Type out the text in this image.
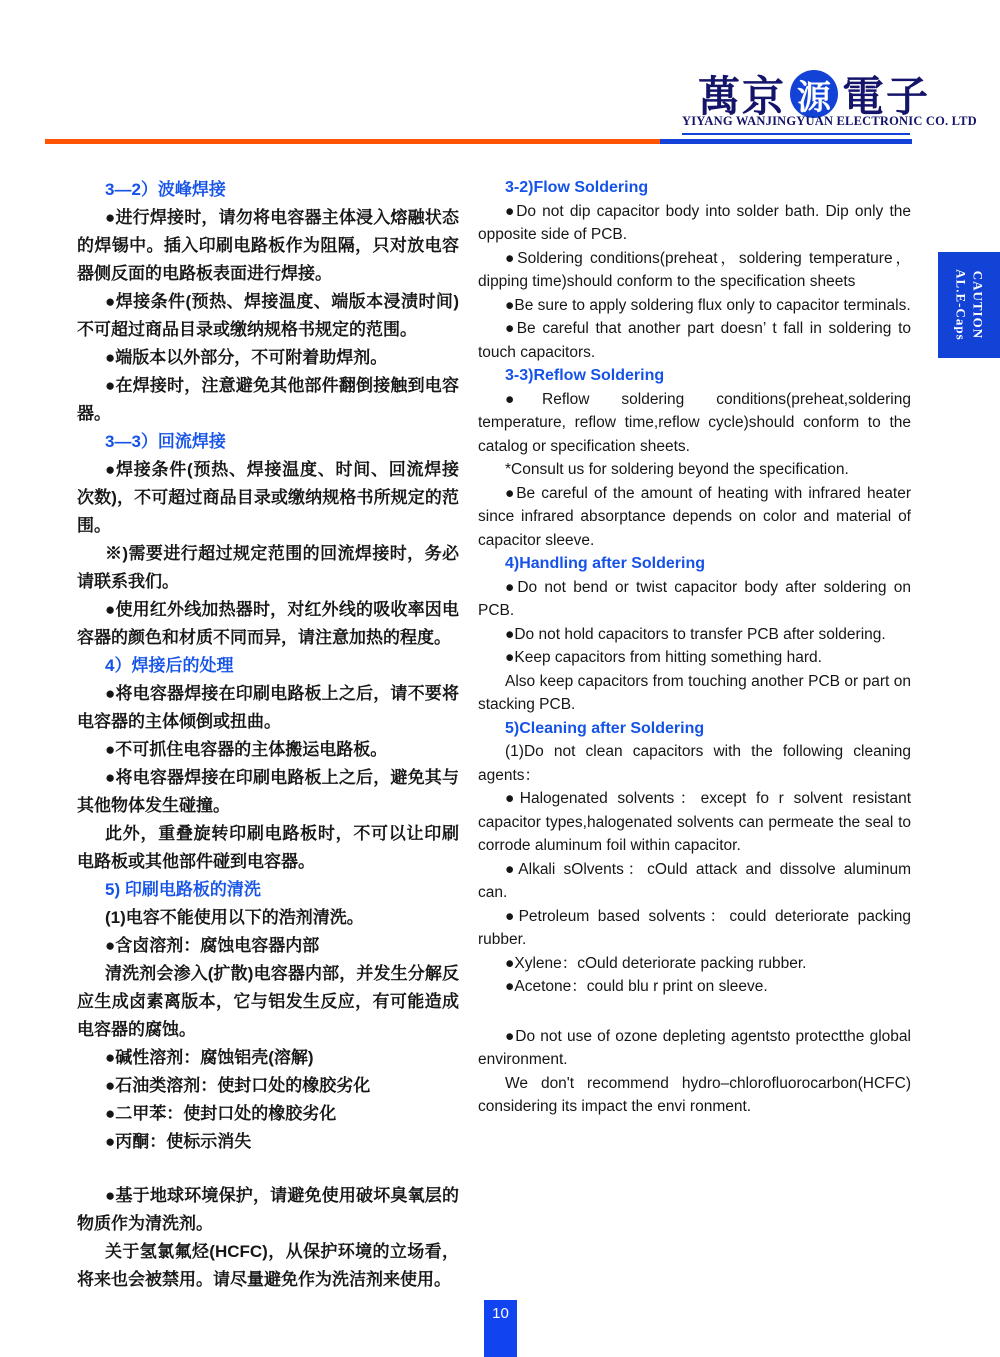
萬京 源 電子
YIYANG WANJINGYUAN ELECTRONIC CO. LTD
CAUTION
AL.E-Caps

3—2）波峰焊接

●进行焊接时，请勿将电容器主体浸入熔融状态的焊锡中。插入印刷电路板作为阻隔，只对放电容器侧反面的电路板表面进行焊接。

●焊接条件(预热、焊接温度、端版本浸渍时间)不可超过商品目录或缴纳规格书规定的范围。

●端版本以外部分，不可附着助焊剂。

●在焊接时，注意避免其他部件翻倒接触到电容器。

3—3）回流焊接

●焊接条件(预热、焊接温度、时间、回流焊接次数)，不可超过商品目录或缴纳规格书所规定的范围。

※)需要进行超过规定范围的回流焊接时，务必请联系我们。

●使用红外线加热器时，对红外线的吸收率因电容器的颜色和材质不同而异，请注意加热的程度。

4）焊接后的处理

●将电容器焊接在印刷电路板上之后，请不要将电容器的主体倾倒或扭曲。

●不可抓住电容器的主体搬运电路板。

●将电容器焊接在印刷电路板上之后，避免其与其他物体发生碰撞。

此外，重叠旋转印刷电路板时，不可以让印刷电路板或其他部件碰到电容器。

5) 印刷电路板的清洗

(1)电容不能使用以下的浩剂清洗。

●含卤溶剂：腐蚀电容器内部

清洗剂会渗入(扩散)电容器内部，并发生分解反应生成卤素离版本，它与铝发生反应，有可能造成电容器的腐蚀。

●碱性溶剂：腐蚀铝壳(溶解)

●石油类溶剂：使封口处的橡胶劣化

●二甲苯：使封口处的橡胶劣化

●丙酮：使标示消失

●基于地球环境保护，请避免使用破坏臭氧层的物质作为清洗剂。

关于氢氯氟烃(HCFC)，从保护环境的立场看，将来也会被禁用。请尽量避免作为洗洁剂来使用。

3-2)Flow Soldering

●Do not dip capacitor body into solder bath. Dip only the opposite side of PCB.

●Soldering conditions(preheat，soldering temperature，dipping time)should conform to the specification sheets

●Be sure to apply soldering flux only to capacitor terminals.

●Be careful that another part doesn’ t fall in soldering to touch capacitors.

3-3)Reflow Soldering

●Reflow soldering conditions(preheat,soldering temperature, reflow time,reflow cycle)should conform to the catalog or specification sheets.

*Consult us for soldering beyond the specification.

●Be careful of the amount of heating with infrared heater since infrared absorptance depends on color and material of capacitor sleeve.

4)Handling after Soldering

●Do not bend or twist capacitor body after soldering on PCB.

●Do not hold capacitors to transfer PCB after soldering.

●Keep capacitors from hitting something hard.

Also keep capacitors from touching another PCB or part on stacking PCB.

5)Cleaning after Soldering

(1)Do not clean capacitors with the following cleaning agents：

●Halogenated solvents：except fo r solvent resistant capacitor types,halogenated solvents can permeate the seal to corrode aluminum foil within capacitor.

●Alkali sOlvents：cOuld attack and dissolve aluminum can.

●Petroleum based solvents：could deteriorate packing rubber.

●Xylene：cOuld deteriorate packing rubber.

●Acetone：could blu r print on sleeve.

●Do not use of ozone depleting agentsto protectthe global environment.

We don't recommend hydro–chlorofluorocarbon(HCFC) considering its impact the envi ronment.

10
